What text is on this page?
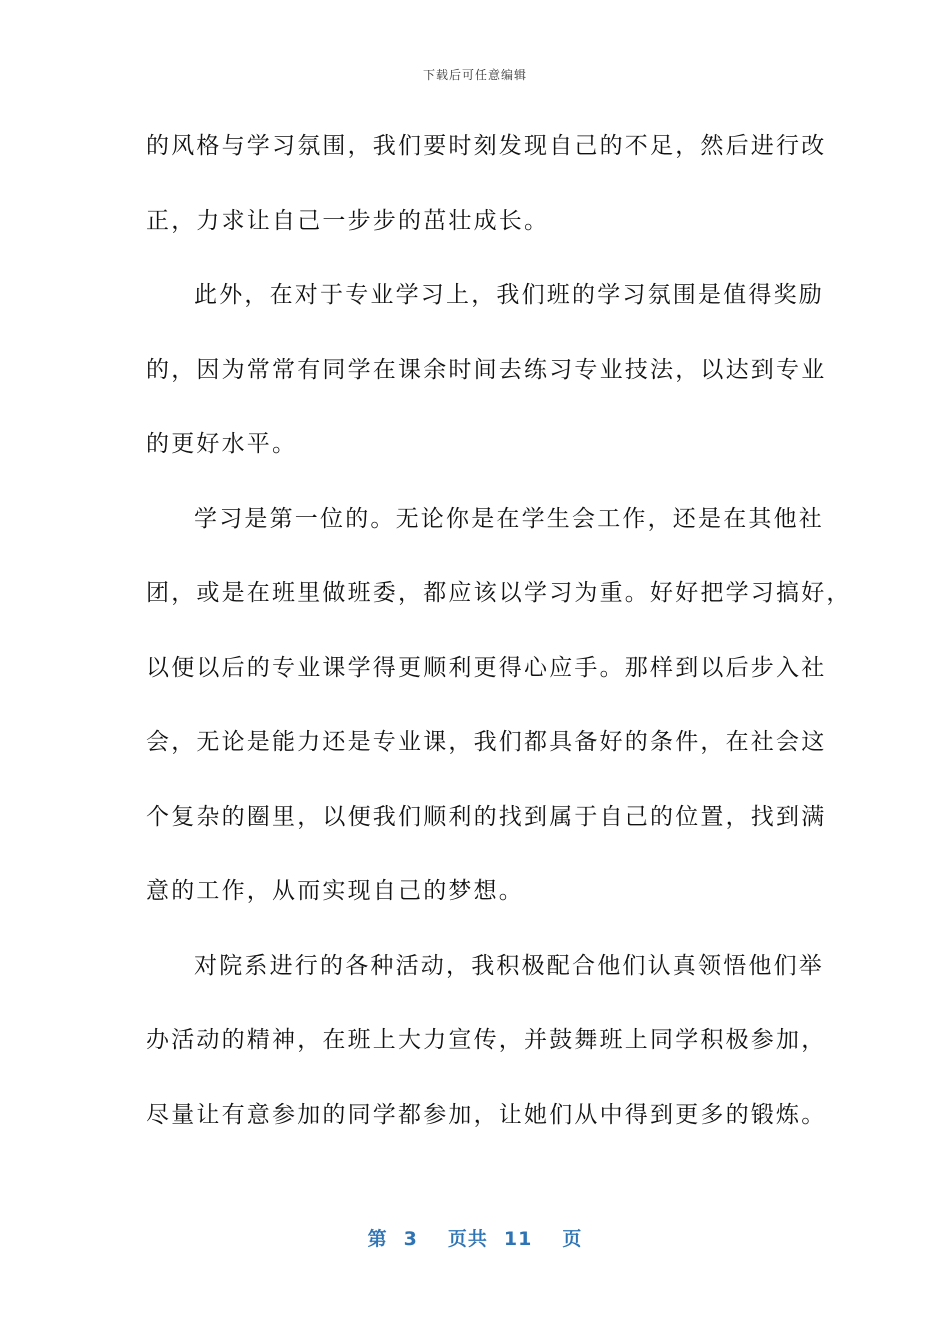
下载后可任意编辑
的风格与学习氛围，我们要时刻发现自己的不足，然后进行改
正，力求让自己一步步的茁壮成长。
此外，在对于专业学习上，我们班的学习氛围是值得奖励
的，因为常常有同学在课余时间去练习专业技法，以达到专业
的更好水平。
学习是第一位的。无论你是在学生会工作，还是在其他社
团，或是在班里做班委，都应该以学习为重。好好把学习搞好，
以便以后的专业课学得更顺利更得心应手。那样到以后步入社
会，无论是能力还是专业课，我们都具备好的条件，在社会这
个复杂的圈里，以便我们顺利的找到属于自己的位置，找到满
意的工作，从而实现自己的梦想。
对院系进行的各种活动，我积极配合他们认真领悟他们举
办活动的精神，在班上大力宣传，并鼓舞班上同学积极参加，
尽量让有意参加的同学都参加，让她们从中得到更多的锻炼。
第 3 页共 11 页
